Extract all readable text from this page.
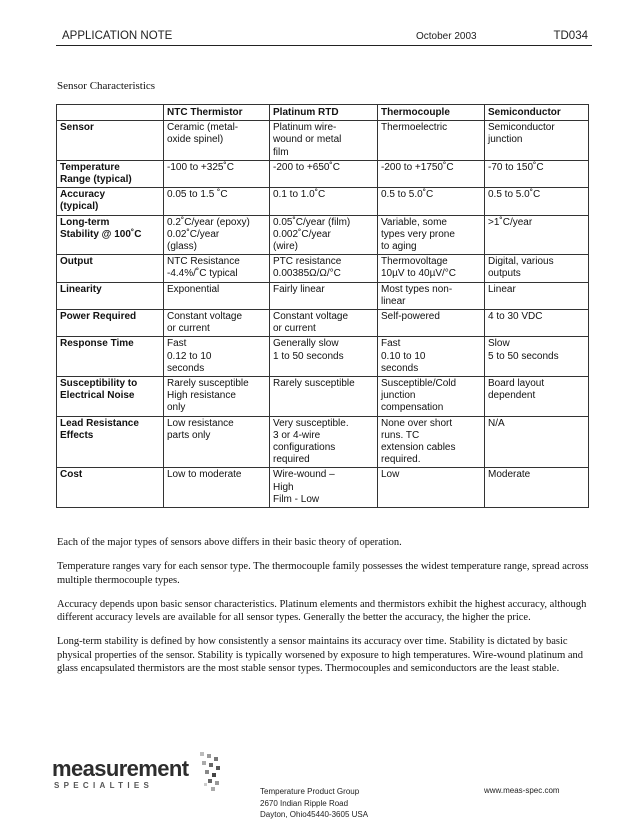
APPLICATION NOTE	October 2003	TD034
Sensor Characteristics
	NTC Thermistor	Platinum RTD	Thermocouple	Semiconductor

Sensor	Ceramic (metal-
oxide spinel)	Platinum wire-
wound or metal
film	Thermoelectric	Semiconductor
junction

Temperature
Range (typical)	-100 to +325˚C	-200 to +650˚C	-200 to +1750˚C	-70 to 150˚C

Accuracy
(typical)	0.05 to 1.5 ˚C	0.1 to 1.0˚C	0.5 to 5.0˚C	0.5 to 5.0˚C

Long-term
Stability @ 100˚C	0.2˚C/year (epoxy)
0.02˚C/year
(glass)	0.05˚C/year (film)
0.002˚C/year
(wire)	Variable, some
types very prone
to aging	>1˚C/year

Output	NTC Resistance
-4.4%/˚C typical	PTC resistance
0.00385Ω/Ω/°C	Thermovoltage
10µV to 40µV/°C	Digital, various
outputs

Linearity	Exponential	Fairly linear	Most types non-
linear	Linear

Power Required	Constant voltage
or current	Constant voltage
or current	Self-powered	4 to 30 VDC

Response Time	Fast
0.12 to 10
seconds	Generally slow
1 to 50 seconds	Fast
0.10 to 10
seconds	Slow
5 to 50 seconds

Susceptibility to
Electrical Noise	Rarely susceptible
High resistance
only	Rarely susceptible	Susceptible/Cold
junction
compensation	Board layout
dependent

Lead Resistance
Effects	Low resistance
parts only	Very susceptible.
3 or 4-wire
configurations
required	None over short
runs. TC
extension cables
required.	N/A

Cost	Low to moderate	Wire-wound –
High
Film - Low	Low	Moderate

Each of the major types of sensors above differs in their basic theory of operation.

Temperature ranges vary for each sensor type. The thermocouple family possesses the widest temperature range, spread across multiple thermocouple types.

Accuracy depends upon basic sensor characteristics. Platinum elements and thermistors exhibit the highest accuracy, although different accuracy levels are available for all sensor types. Generally the better the accuracy, the higher the price.

Long-term stability is defined by how consistently a sensor maintains its accuracy over time. Stability is dictated by basic physical properties of the sensor. Stability is typically worsened by exposure to high temperatures. Wire-wound platinum and glass encapsulated thermistors are the most stable sensor types. Thermocouples and semiconductors are the least stable.

measurement
SPECIALTIES
Temperature Product Group
2670 Indian Ripple Road
Dayton, Ohio45440-3605 USA
www.meas-spec.com
